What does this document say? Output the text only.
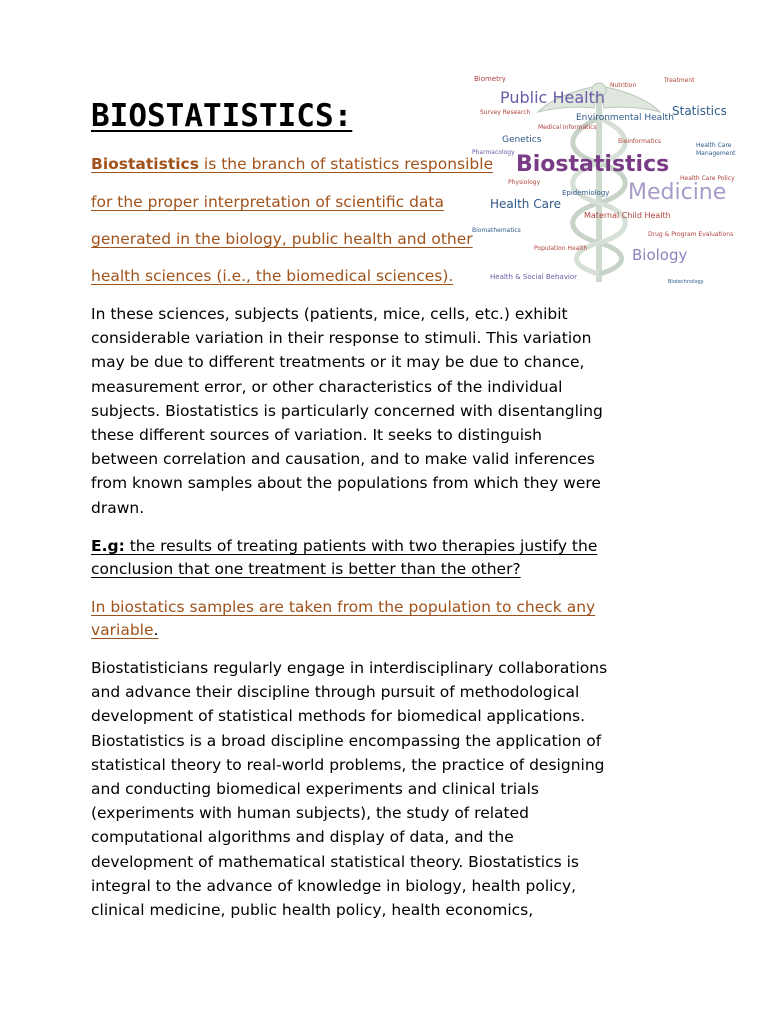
BIOSTATISTICS:
Biometry
Nutrition
Treatment
Public Health
Statistics
Survey Research
Environmental Health
Medical Informatics
Genetics	Bioinformatics
Health Care Management
Pharmacology Biostatistics
Physiology
Health Care Policy
Epidemiology Medicine
Health Care
Maternal Child Health
Biomathematics
Drug & Program Evaluations
Population Health	Biology
Health & Social Behavior
Biotechnology

Biostatistics is the branch of statistics responsible

for the proper interpretation of scientific data

generated in the biology, public health and other

health sciences (i.e., the biomedical sciences).

In these sciences, subjects (patients, mice, cells, etc.) exhibit
considerable variation in their response to stimuli. This variation
may be due to different treatments or it may be due to chance,
measurement error, or other characteristics of the individual
subjects. Biostatistics is particularly concerned with disentangling
these different sources of variation. It seeks to distinguish
between correlation and causation, and to make valid inferences
from known samples about the populations from which they were
drawn.

E.g: the results of treating patients with two therapies justify the conclusion that one treatment is better than the other?

In biostatics samples are taken from the population to check any
variable.

Biostatisticians regularly engage in interdisciplinary collaborations
and advance their discipline through pursuit of methodological
development of statistical methods for biomedical applications.
Biostatistics is a broad discipline encompassing the application of
statistical theory to real-world problems, the practice of designing
and conducting biomedical experiments and clinical trials
(experiments with human subjects), the study of related
computational algorithms and display of data, and the
development of mathematical statistical theory. Biostatistics is
integral to the advance of knowledge in biology, health policy,
clinical medicine, public health policy, health economics,
